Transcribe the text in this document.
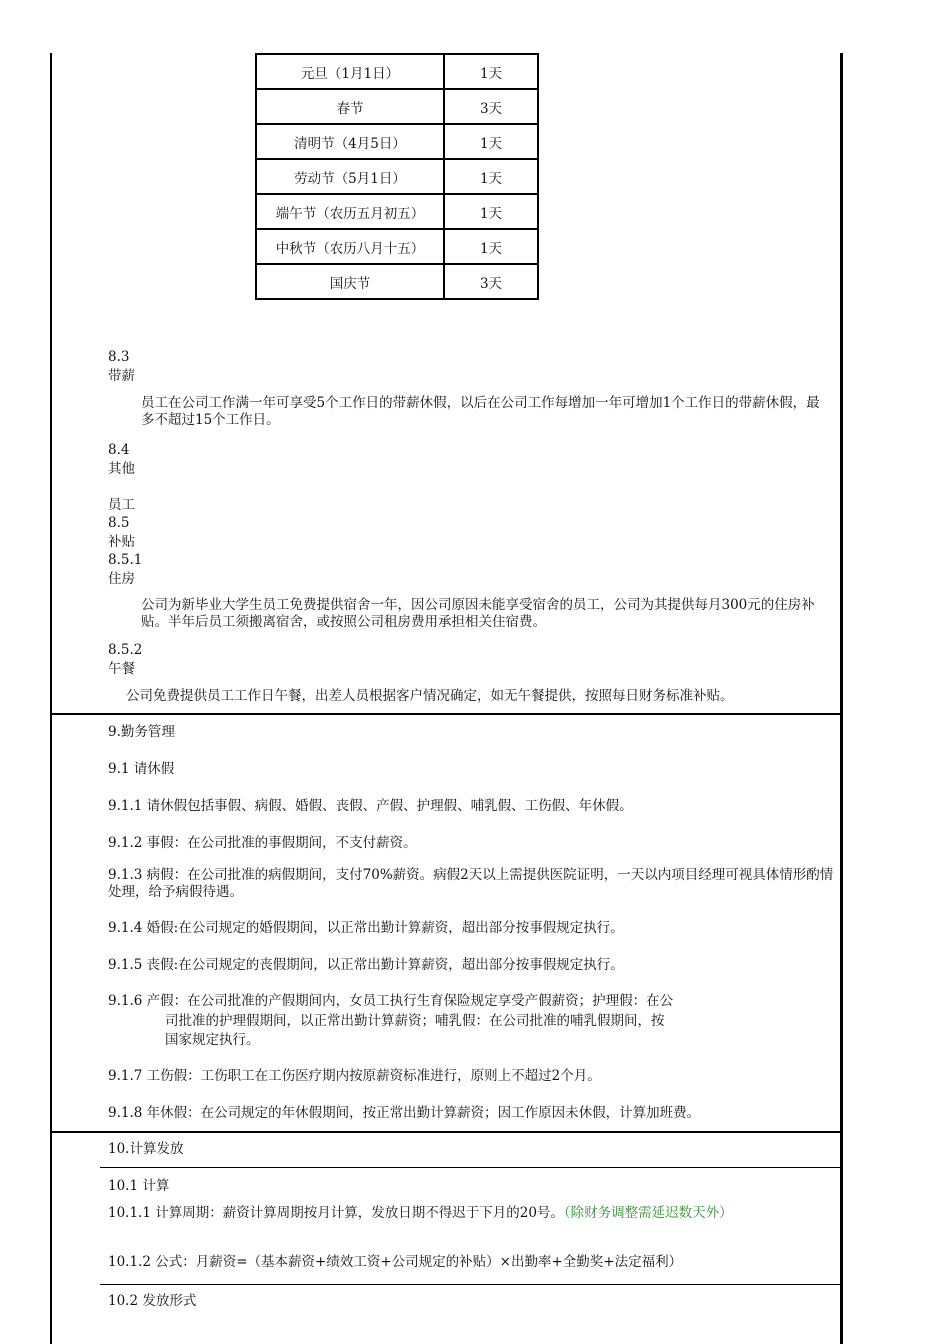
元旦（1月1日）	1天
春节	3天
清明节（4月5日）	1天
劳动节（5月1日）	1天
端午节（农历五月初五）	1天
中秋节（农历八月十五）	1天
国庆节	3天
8.3
带薪
员工在公司工作满一年可享受5个工作日的带薪休假，以后在公司工作每增加一年可增加1个工作日的带薪休假，最多不超过15个工作日。
8.4
其他
员工
8.5
补贴
8.5.1
住房
公司为新毕业大学生员工免费提供宿舍一年，因公司原因未能享受宿舍的员工，公司为其提供每月300元的住房补贴。半年后员工须搬离宿舍，或按照公司租房费用承担相关住宿费。
8.5.2
午餐
公司免费提供员工工作日午餐，出差人员根据客户情况确定，如无午餐提供，按照每日财务标准补贴。
9.勤务管理
9.1 请休假
9.1.1 请休假包括事假、病假、婚假、丧假、产假、护理假、哺乳假、工伤假、年休假。
9.1.2 事假：在公司批准的事假期间，不支付薪资。
9.1.3 病假：在公司批准的病假期间，支付70%薪资。病假2天以上需提供医院证明，一天以内项目经理可视具体情形酌情处理，给予病假待遇。
9.1.4 婚假:在公司规定的婚假期间，以正常出勤计算薪资，超出部分按事假规定执行。
9.1.5 丧假:在公司规定的丧假期间，以正常出勤计算薪资，超出部分按事假规定执行。
9.1.6 产假：在公司批准的产假期间内，女员工执行生育保险规定享受产假薪资；护理假：在公
司批准的护理假期间，以正常出勤计算薪资；哺乳假：在公司批准的哺乳假期间，按
国家规定执行。
9.1.7 工伤假：工伤职工在工伤医疗期内按原薪资标准进行，原则上不超过2个月。
9.1.8 年休假：在公司规定的年休假期间，按正常出勤计算薪资；因工作原因未休假，计算加班费。
10.计算发放
10.1 计算
10.1.1 计算周期：薪资计算周期按月计算，发放日期不得迟于下月的20号。（除财务调整需延迟数天外）
10.1.2 公式：月薪资=（基本薪资+绩效工资+公司规定的补贴）×出勤率+全勤奖+法定福利）
10.2 发放形式
